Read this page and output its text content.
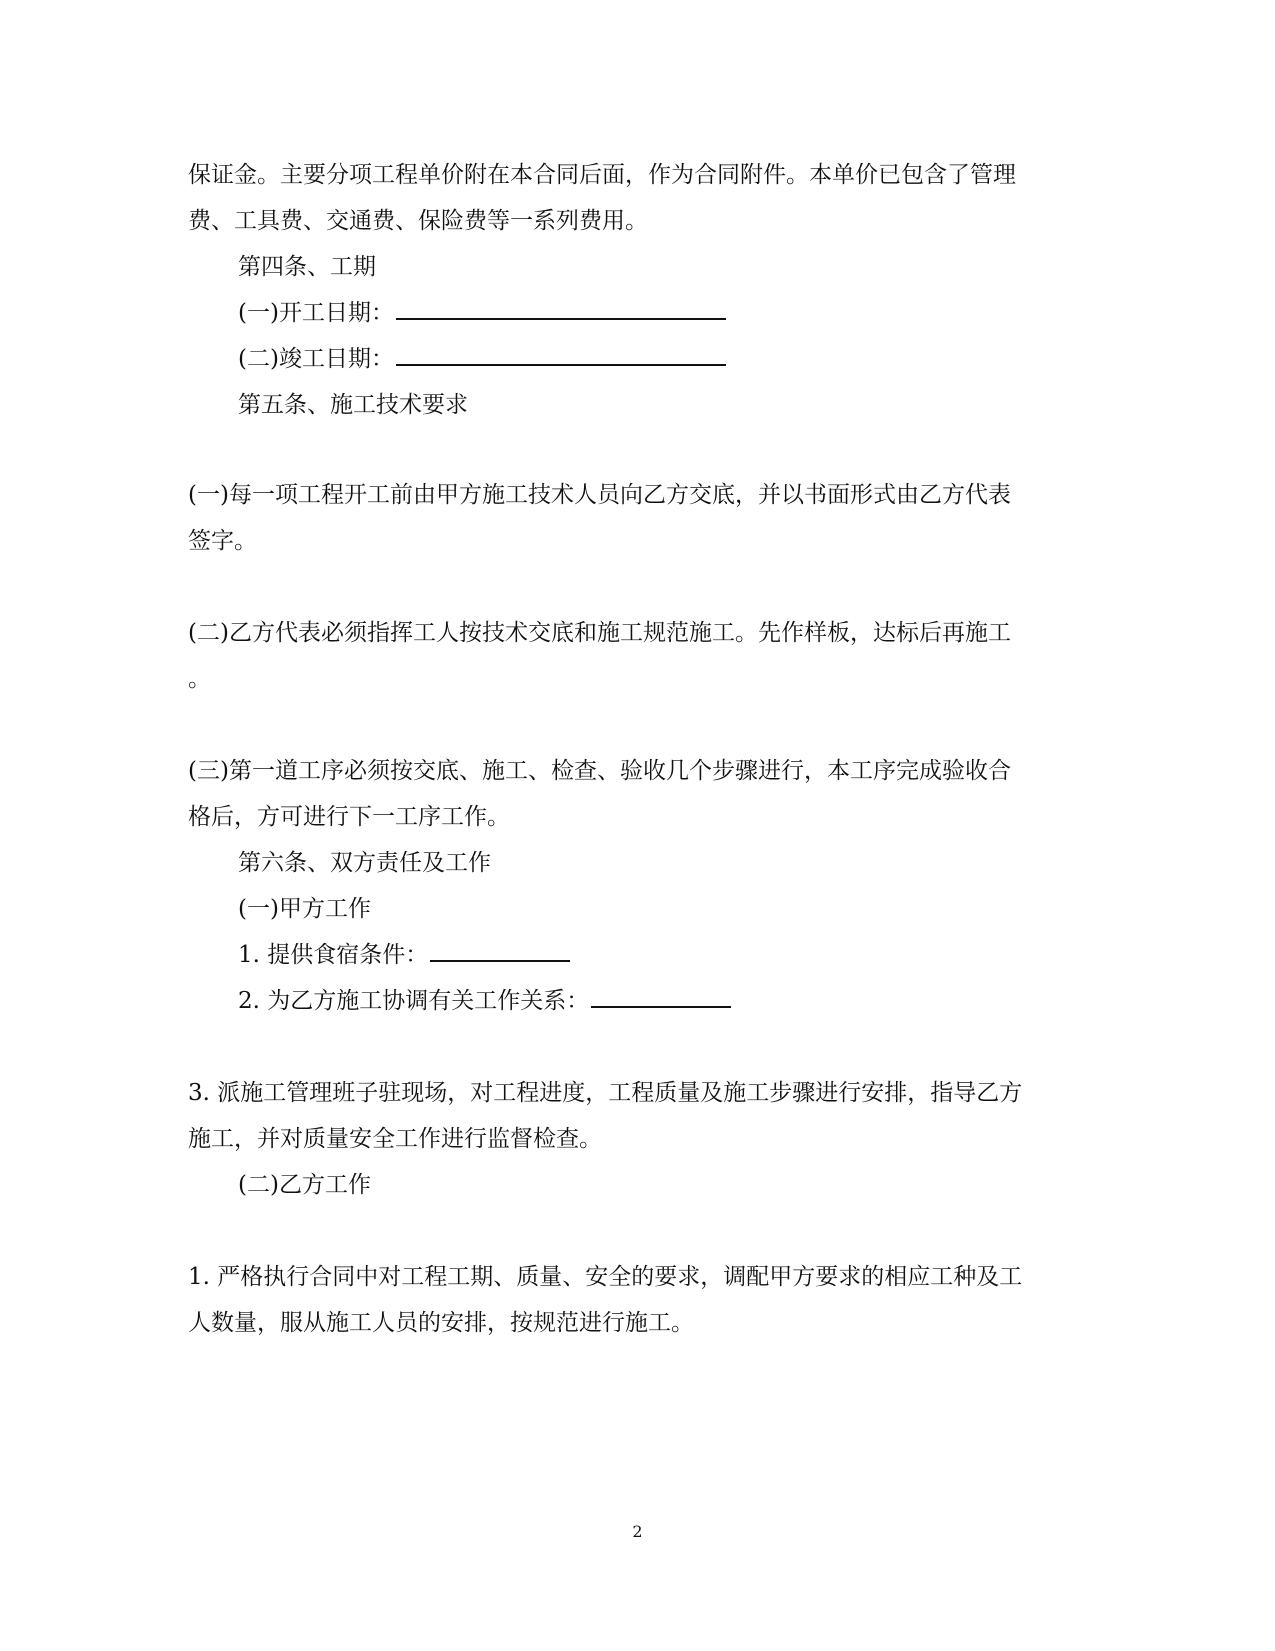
保证金。主要分项工程单价附在本合同后面，作为合同附件。本单价已包含了管理
费、工具费、交通费、保险费等一系列费用。
第四条、工期
(一)开工日期：
(二)竣工日期：
第五条、施工技术要求
(一)每一项工程开工前由甲方施工技术人员向乙方交底，并以书面形式由乙方代表
签字。
(二)乙方代表必须指挥工人按技术交底和施工规范施工。先作样板，达标后再施工
。
(三)第一道工序必须按交底、施工、检查、验收几个步骤进行，本工序完成验收合
格后，方可进行下一工序工作。
第六条、双方责任及工作
(一)甲方工作
1. 提供食宿条件：
2. 为乙方施工协调有关工作关系：
3. 派施工管理班子驻现场，对工程进度，工程质量及施工步骤进行安排，指导乙方
施工，并对质量安全工作进行监督检查。
(二)乙方工作
1. 严格执行合同中对工程工期、质量、安全的要求，调配甲方要求的相应工种及工
人数量，服从施工人员的安排，按规范进行施工。
2
